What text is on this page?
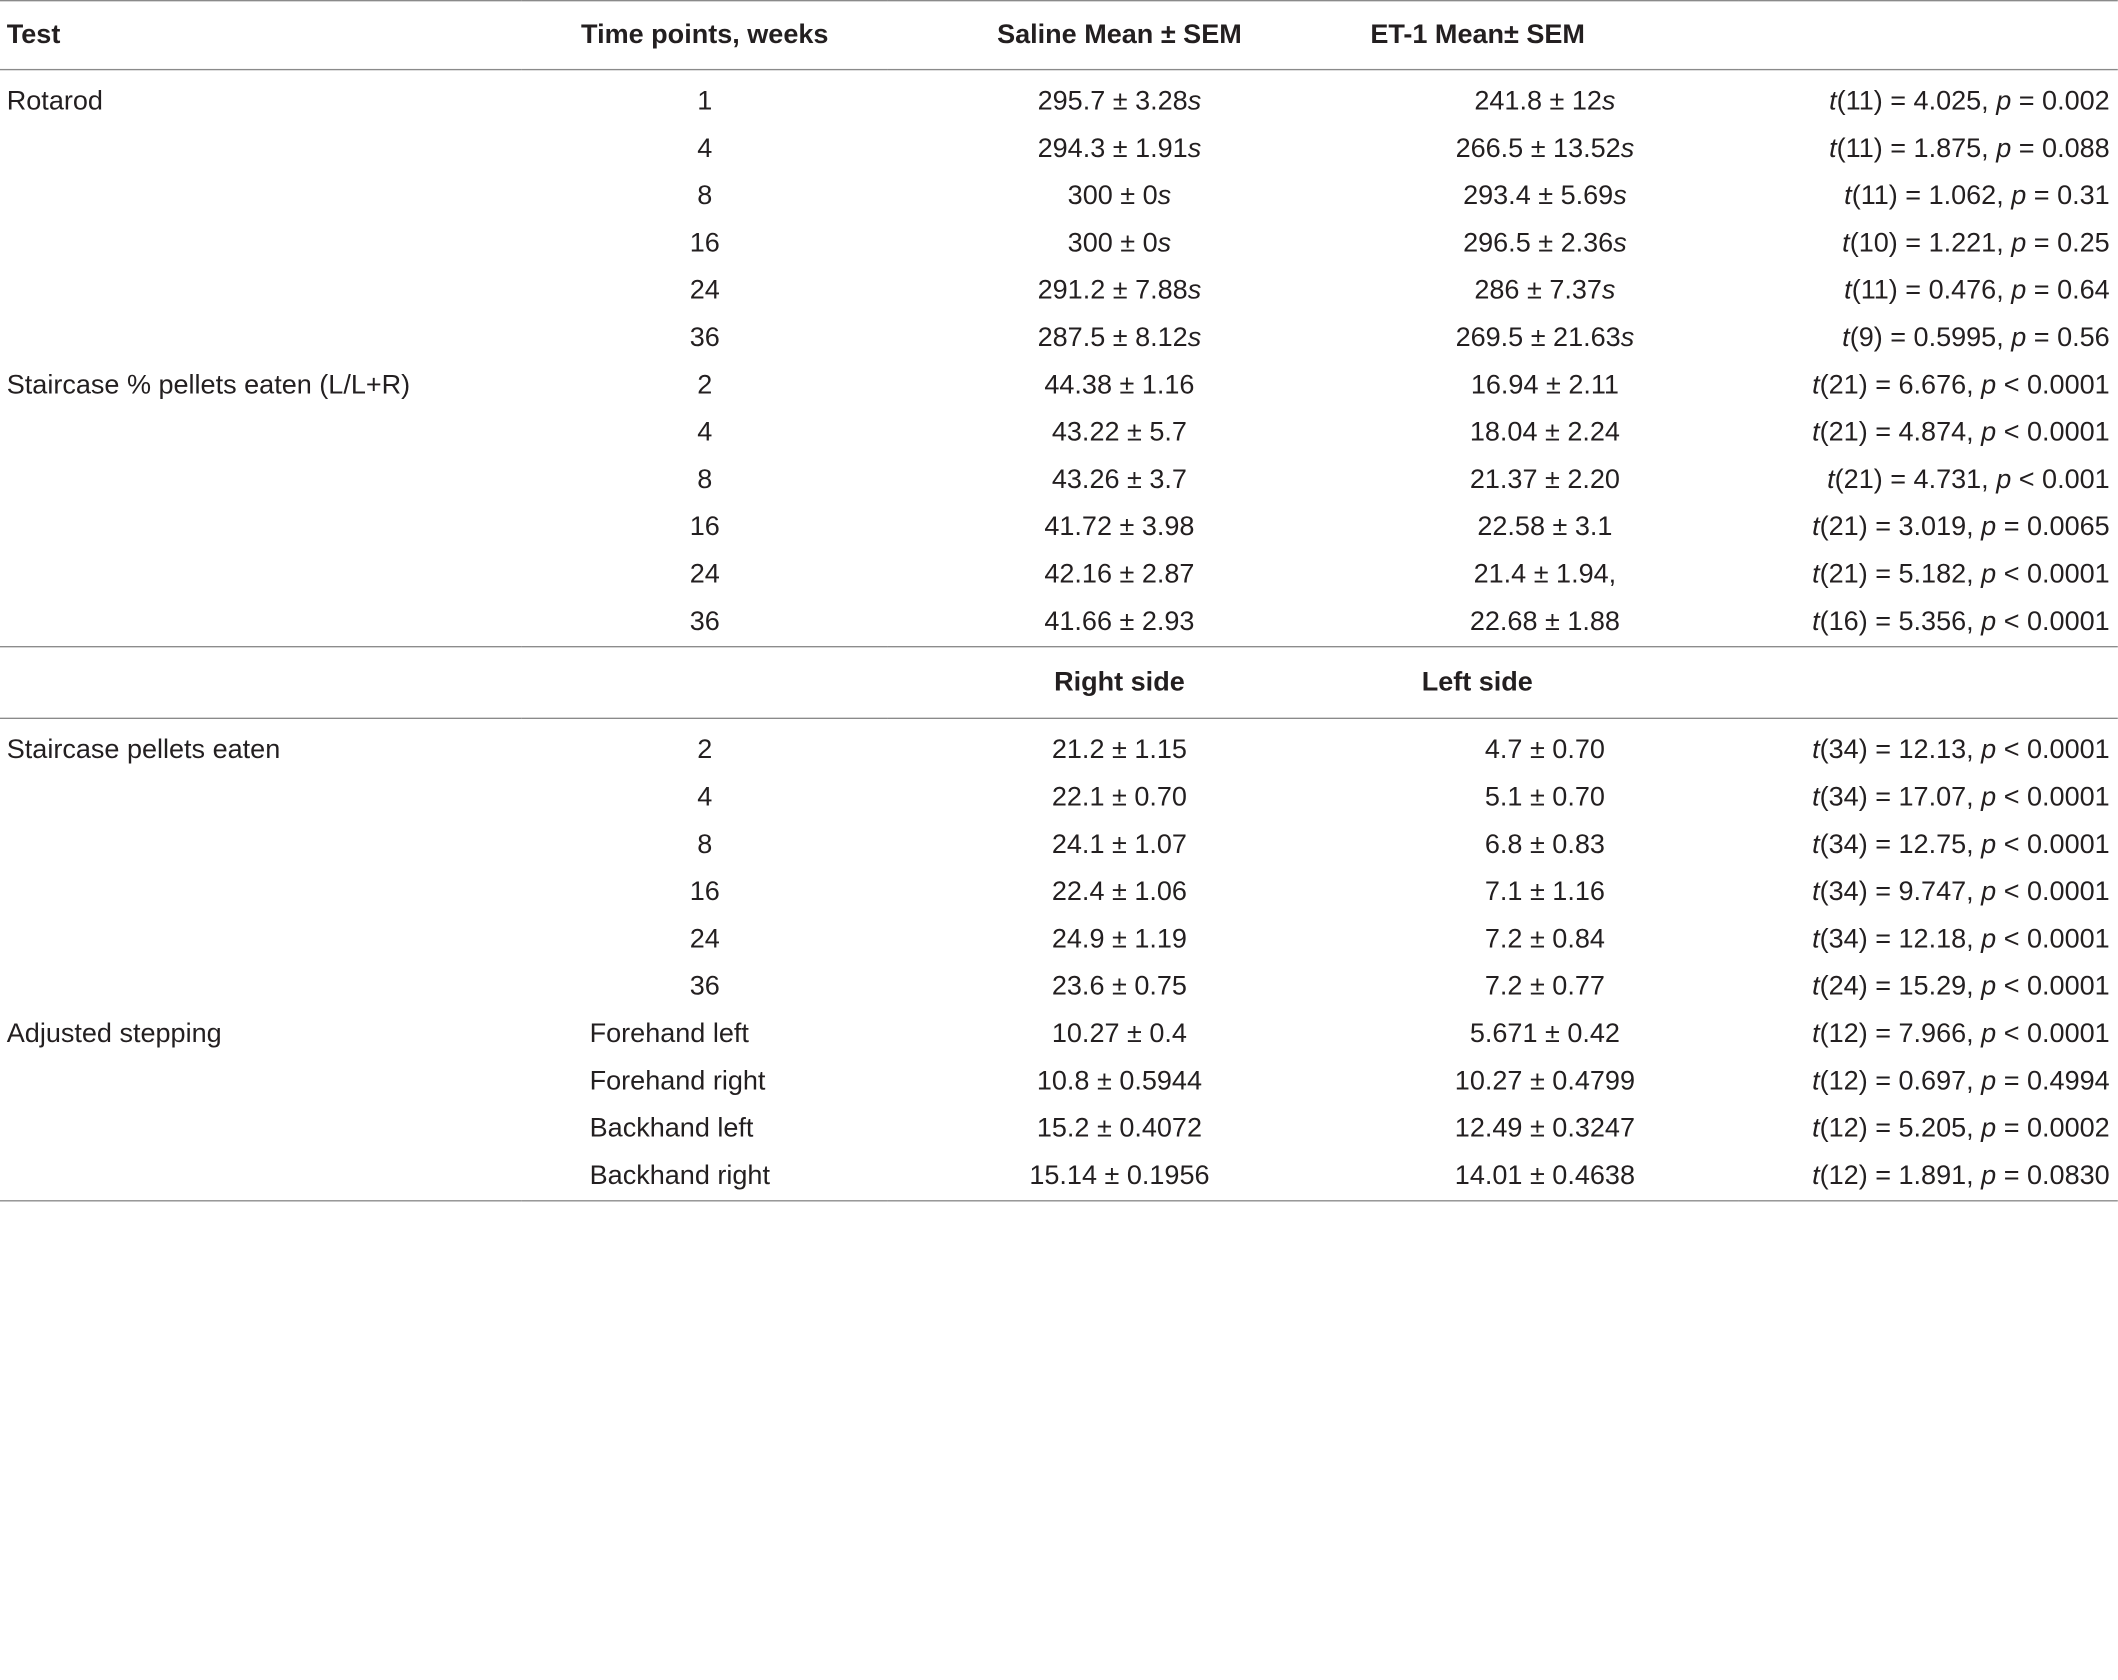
Test	Time points, weeks	Saline Mean ± SEM	ET-1 Mean± SEM	
Rotarod	1	295.7 ± 3.28s	241.8 ± 12s	t(11) = 4.025, p = 0.002
	4	294.3 ± 1.91s	266.5 ± 13.52s	t(11) = 1.875, p = 0.088
	8	300 ± 0s	293.4 ± 5.69s	t(11) = 1.062, p = 0.31
	16	300 ± 0s	296.5 ± 2.36s	t(10) = 1.221, p = 0.25
	24	291.2 ± 7.88s	286 ± 7.37s	t(11) = 0.476, p = 0.64
	36	287.5 ± 8.12s	269.5 ± 21.63s	t(9) = 0.5995, p = 0.56
Staircase % pellets eaten (L/L+R)	2	44.38 ± 1.16	16.94 ± 2.11	t(21) = 6.676, p < 0.0001
	4	43.22 ± 5.7	18.04 ± 2.24	t(21) = 4.874, p < 0.0001
	8	43.26 ± 3.7	21.37 ± 2.20	t(21) = 4.731, p < 0.001
	16	41.72 ± 3.98	22.58 ± 3.1	t(21) = 3.019, p = 0.0065
	24	42.16 ± 2.87	21.4 ± 1.94,	t(21) = 5.182, p < 0.0001
	36	41.66 ± 2.93	22.68 ± 1.88	t(16) = 5.356, p < 0.0001
		Right side	Left side	
Staircase pellets eaten	2	21.2 ± 1.15	4.7 ± 0.70	t(34) = 12.13, p < 0.0001
	4	22.1 ± 0.70	5.1 ± 0.70	t(34) = 17.07, p < 0.0001
	8	24.1 ± 1.07	6.8 ± 0.83	t(34) = 12.75, p < 0.0001
	16	22.4 ± 1.06	7.1 ± 1.16	t(34) = 9.747, p < 0.0001
	24	24.9 ± 1.19	7.2 ± 0.84	t(34) = 12.18, p < 0.0001
	36	23.6 ± 0.75	7.2 ± 0.77	t(24) = 15.29, p < 0.0001
Adjusted stepping	Forehand left	10.27 ± 0.4	5.671 ± 0.42	t(12) = 7.966, p < 0.0001
	Forehand right	10.8 ± 0.5944	10.27 ± 0.4799	t(12) = 0.697, p = 0.4994
	Backhand left	15.2 ± 0.4072	12.49 ± 0.3247	t(12) = 5.205, p = 0.0002
	Backhand right	15.14 ± 0.1956	14.01 ± 0.4638	t(12) = 1.891, p = 0.0830
